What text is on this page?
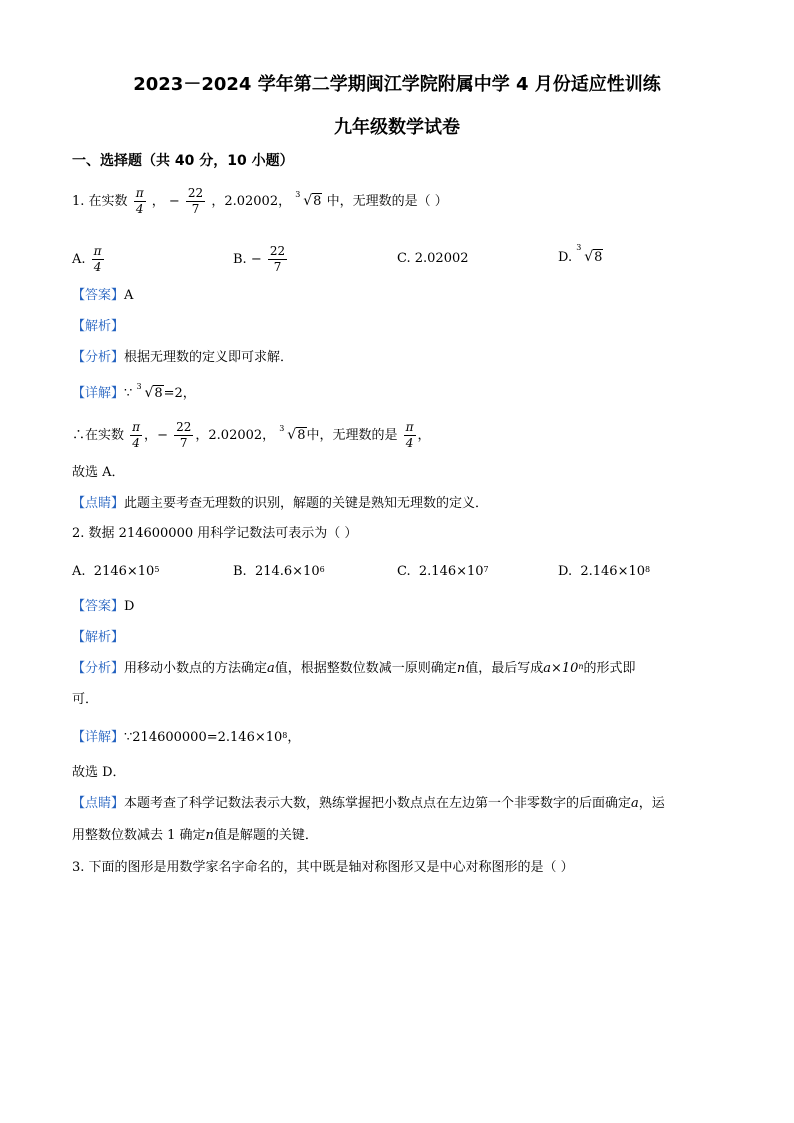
2023－2024 学年第二学期闽江学院附属中学 4 月份适应性训练
九年级数学试卷
一、选择题（共 40 分，10 小题）
1. 在实数 $\frac{\pi}{4}$ ， − $\frac{22}{7}$ ，2.02002， 3 √8 中，无理数的是（ ）
A. $\frac{\pi}{4}$	B. − $\frac{22}{7}$	C. 2.02002	D.
3
√8
【答案】A
【解析】
【分析】根据无理数的定义即可求解．
【详解】∵ 3 √8=2，
∴在实数 $\frac{\pi}{4}$ ，− $\frac{22}{7}$ ，2.02002， 3 √8中，无理数的是 $\frac{\pi}{4}$ ，
故选 A．
【点睛】此题主要考查无理数的识别，解题的关键是熟知无理数的定义．
2. 数据 214600000 用科学记数法可表示为（ ）
A. $2146\times 10^5$	B. $214.6\times 10^6$	C. $2.146\times 10^7$	D. $2.146\times 10^8$
【答案】D
【解析】
【分析】用移动小数点的方法确定a值，根据整数位数减一原则确定n值，最后写成$a\times 10^n$的形式即
可．
【详解】$\because 214600000=2.146\times 10^8$，
故选 D．
【点睛】本题考查了科学记数法表示大数，熟练掌握把小数点点在左边第一个非零数字的后面确定a，运
用整数位数减去 1 确定n值是解题的关键．
3. 下面的图形是用数学家名字命名的，其中既是轴对称图形又是中心对称图形的是（ ）
